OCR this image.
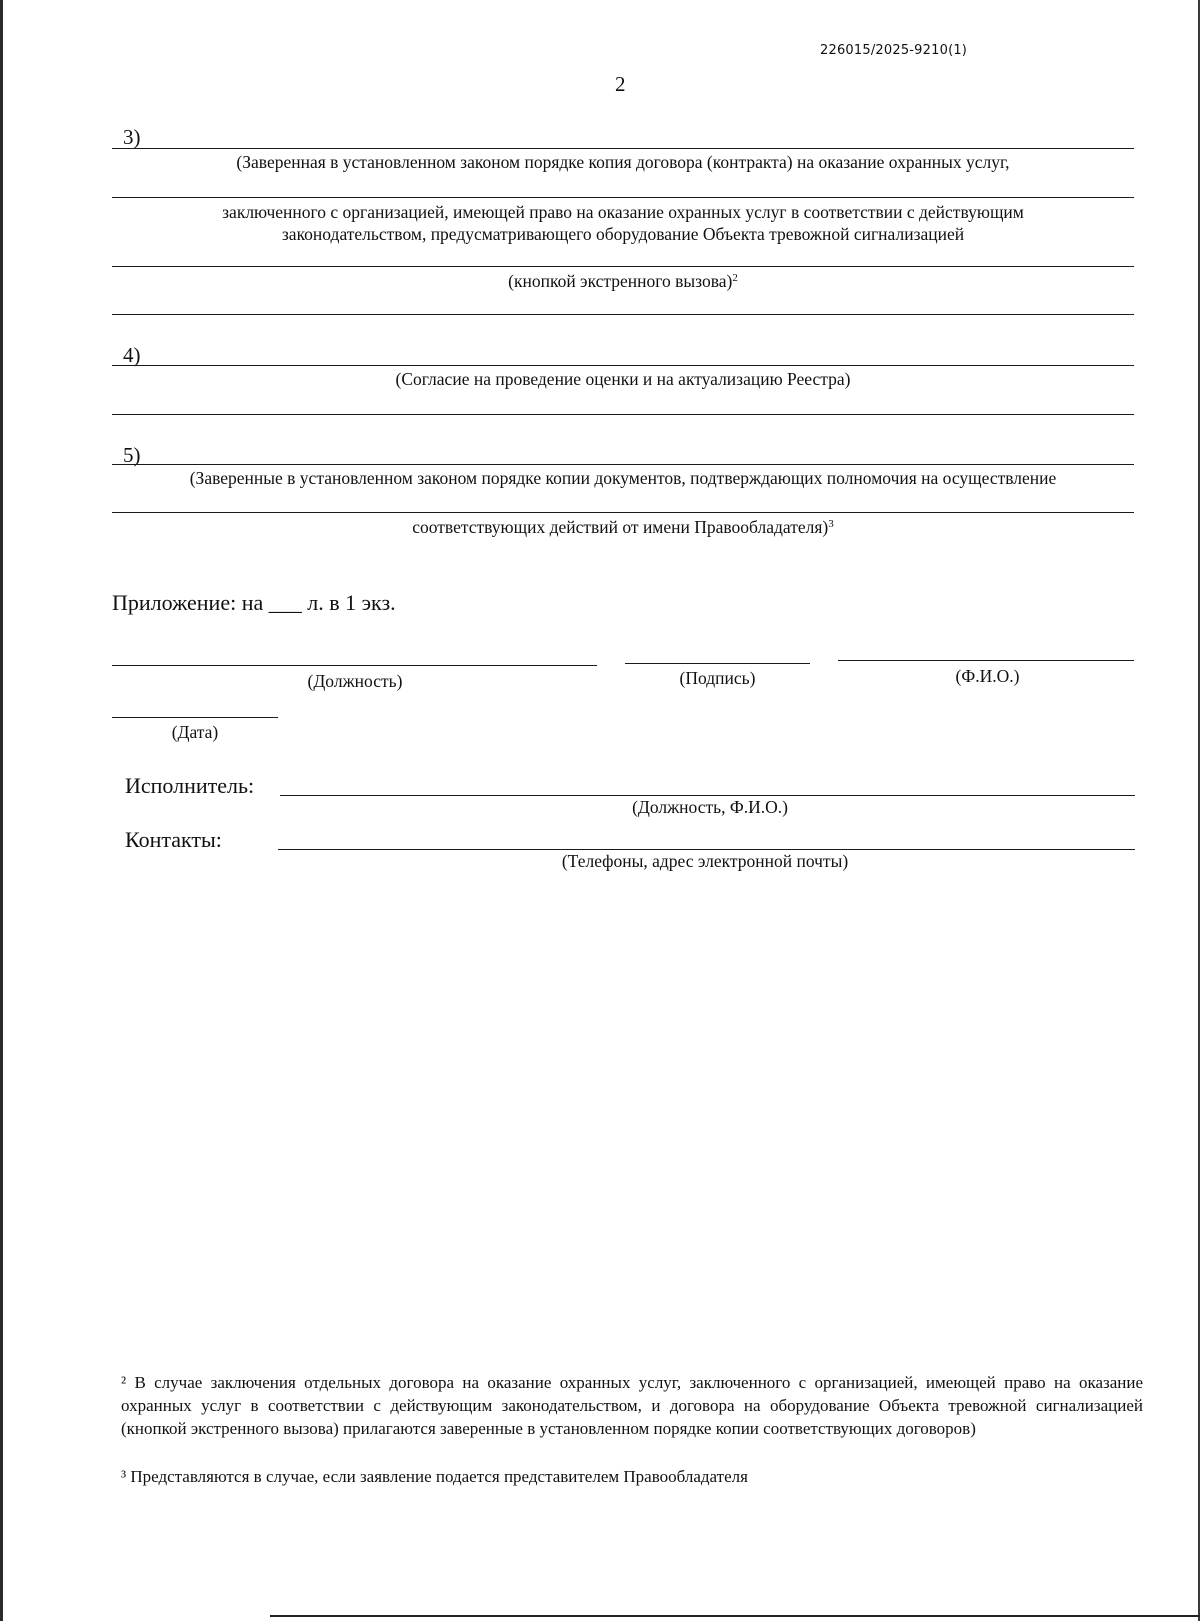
226015/2025-9210(1)
2
3)
(Заверенная в установленном законом порядке копия договора (контракта) на оказание охранных услуг,
заключенного с организацией, имеющей право на оказание охранных услуг в соответствии с действующим
законодательством, предусматривающего оборудование Объекта тревожной сигнализацией
(кнопкой экстренного вызова)$^2$
4)
(Согласие на проведение оценки и на актуализацию Реестра)
5)
(Заверенные в установленном законом порядке копии документов, подтверждающих полномочия на осуществление
соответствующих действий от имени Правообладателя)$^3$
Приложение: на ___ л. в 1 экз.
(Должность)	(Подпись)	(Ф.И.О.)
(Дата)
Исполнитель:
(Должность, Ф.И.О.)
Контакты:
(Телефоны, адрес электронной почты)
² В случае заключения отдельных договора на оказание охранных услуг, заключенного с организацией, имеющей право на оказание охранных услуг в соответствии с действующим законодательством, и договора на оборудование Объекта тревожной сигнализацией (кнопкой экстренного вызова) прилагаются заверенные в установленном порядке копии соответствующих договоров)
³ Представляются в случае, если заявление подается представителем Правообладателя
